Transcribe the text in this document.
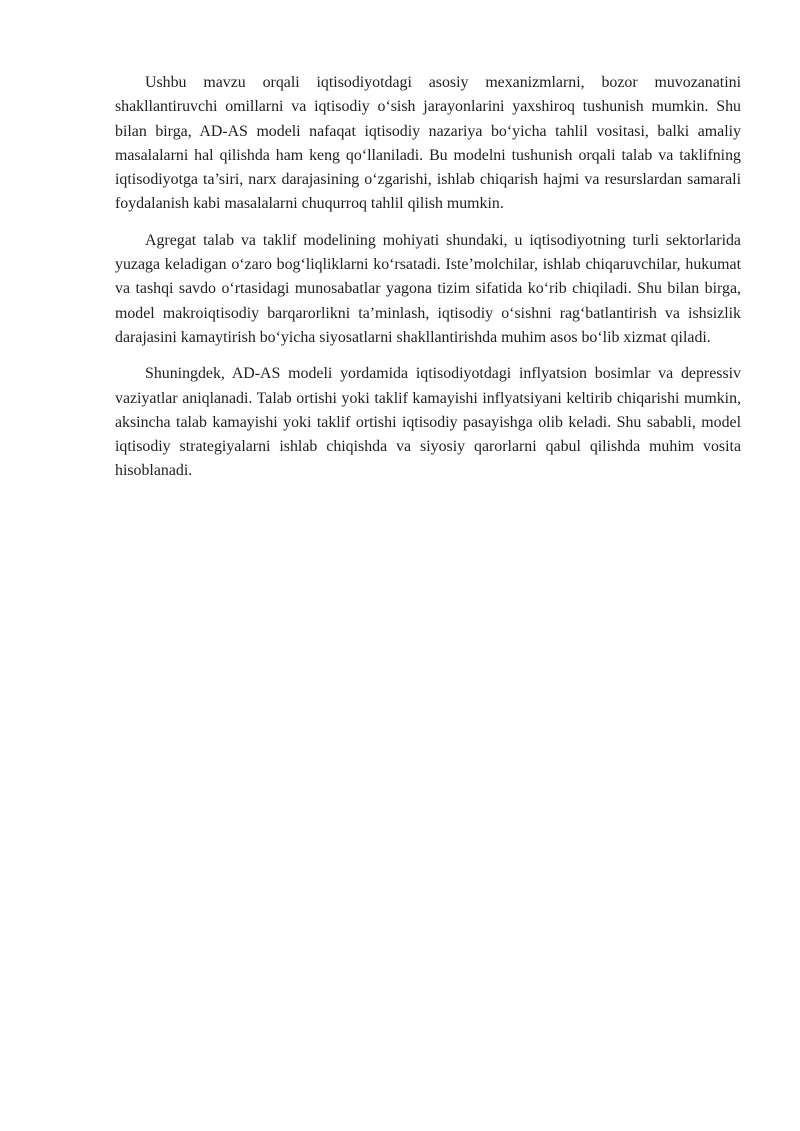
Ushbu mavzu orqali iqtisodiyotdagi asosiy mexanizmlarni, bozor muvozanatini shakllantiruvchi omillarni va iqtisodiy o‘sish jarayonlarini yaxshiroq tushunish mumkin. Shu bilan birga, AD-AS modeli nafaqat iqtisodiy nazariya bo‘yicha tahlil vositasi, balki amaliy masalalarni hal qilishda ham keng qo‘llaniladi. Bu modelni tushunish orqali talab va taklifning iqtisodiyotga ta’siri, narx darajasining o‘zgarishi, ishlab chiqarish hajmi va resurslardan samarali foydalanish kabi masalalarni chuqurroq tahlil qilish mumkin.

Agregat talab va taklif modelining mohiyati shundaki, u iqtisodiyotning turli sektorlarida yuzaga keladigan o‘zaro bog‘liqliklarni ko‘rsatadi. Iste’molchilar, ishlab chiqaruvchilar, hukumat va tashqi savdo o‘rtasidagi munosabatlar yagona tizim sifatida ko‘rib chiqiladi. Shu bilan birga, model makroiqtisodiy barqarorlikni ta’minlash, iqtisodiy o‘sishni rag‘batlantirish va ishsizlik darajasini kamaytirish bo‘yicha siyosatlarni shakllantirishda muhim asos bo‘lib xizmat qiladi.

Shuningdek, AD-AS modeli yordamida iqtisodiyotdagi inflyatsion bosimlar va depressiv vaziyatlar aniqlanadi. Talab ortishi yoki taklif kamayishi inflyatsiyani keltirib chiqarishi mumkin, aksincha talab kamayishi yoki taklif ortishi iqtisodiy pasayishga olib keladi. Shu sababli, model iqtisodiy strategiyalarni ishlab chiqishda va siyosiy qarorlarni qabul qilishda muhim vosita hisoblanadi.
